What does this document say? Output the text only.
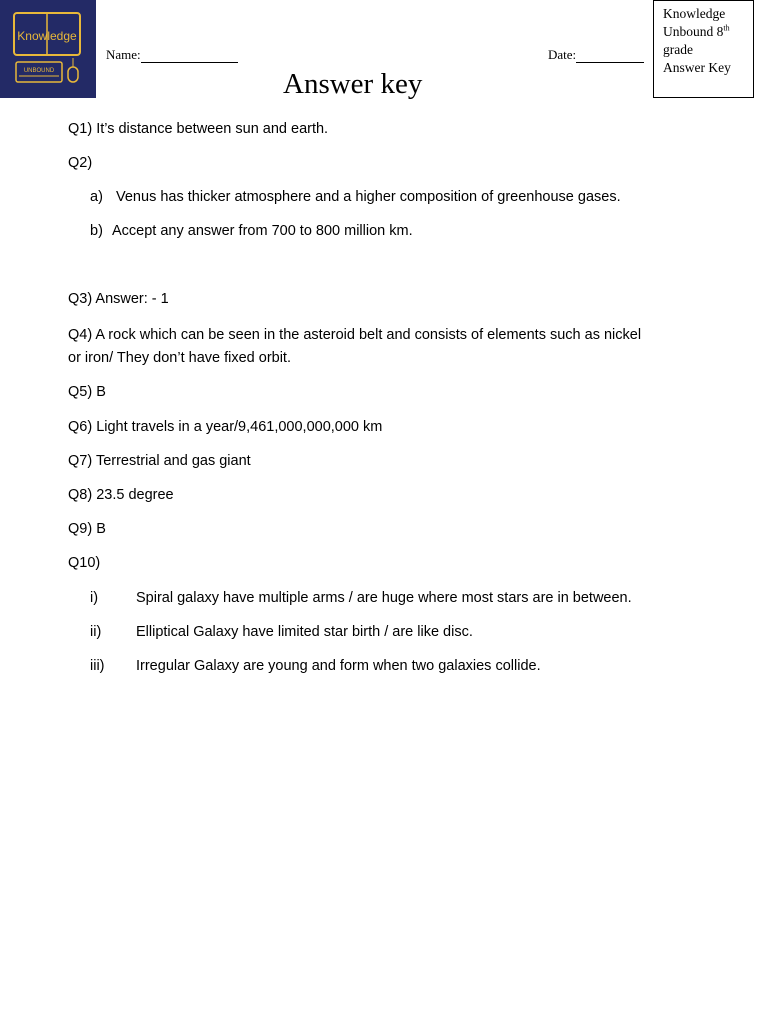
Knowledge
UNBOUND
Name:	Date:
Knowledge
Unbound 8th
grade
Answer Key
Answer key
Q1) It’s distance between sun and earth.
Q2)
a) Venus has thicker atmosphere and a higher composition of greenhouse gases.
b) Accept any answer from 700 to 800 million km.
Q3) Answer: - 1
Q4) A rock which can be seen in the asteroid belt and consists of elements such as nickel
or iron/ They don’t have fixed orbit.
Q5) B
Q6) Light travels in a year/9,461,000,000,000 km
Q7) Terrestrial and gas giant
Q8) 23.5 degree
Q9) B
Q10)
i)	Spiral galaxy have multiple arms / are huge where most stars are in between.
ii) Elliptical Galaxy have limited star birth / are like disc.
iii) Irregular Galaxy are young and form when two galaxies collide.
